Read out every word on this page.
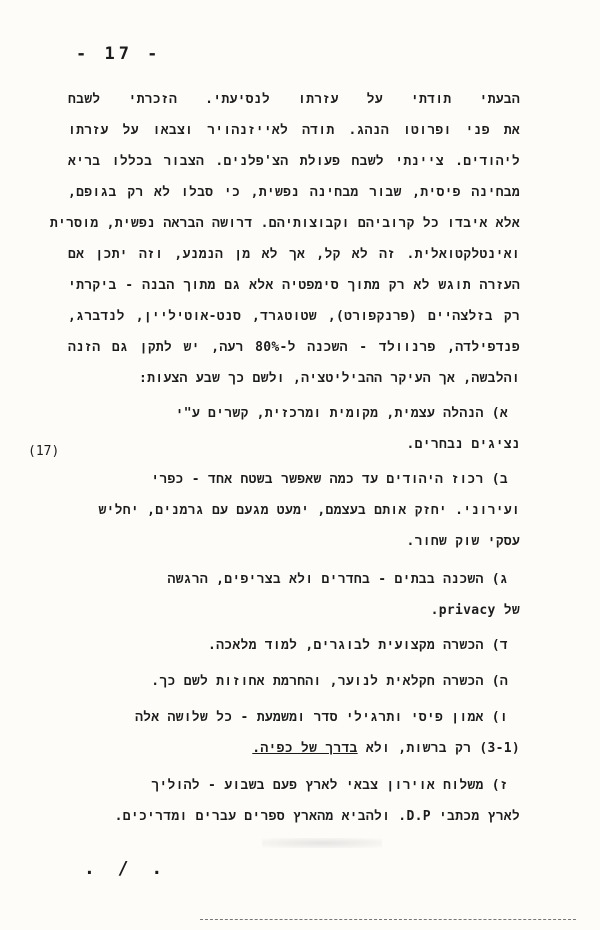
- 17 -
הבעתי תודתי על עזרתו לנסיעתי. הזכרתי לשבח
את פני ופרוטו הנהג. תודה לאייזנהויר וצבאו על עזרתו
ליהודים. ציינתי לשבח פעולת הצ'פלנים. הצבור בכללו בריא
מבחינה פיסית, שבור מבחינה נפשית, כי סבלו לא רק בגופם,
אלא איבדו כל קרוביהם וקבוצותיהם. דרושה הבראה נפשית, מוסרית
ואינטלקטואלית. זה לא קל, אך לא מן הנמנע, וזה יתכן אם
העזרה תוגש לא רק מתוך סימפטיה אלא גם מתוך הבנה - ביקרתי
רק בזלצהיים (פרנקפורט), שטוטגרד, סנט-אוטיליין, לנדברג,
פנדפילדה, פרנוולד - השכנה ל-80% רעה, יש לתקן גם הזנה
והלבשה, אך העיקר ההביליטציה, ולשם כך שבע הצעות:
א) הנהלה עצמית, מקומית ומרכזית, קשרים ע"י
נציגים נבחרים.
(17)
ב) רכוז היהודים עד כמה שאפשר בשטח אחד - כפרי
ועירוני. יחזק אותם בעצמם, ימעט מגעם עם גרמנים, יחליש
עסקי שוק שחור.
ג) השכנה בבתים - בחדרים ולא בצריפים, הרגשה
של privacy.
ד) הכשרה מקצועית לבוגרים, למוד מלאכה.
ה) הכשרה חקלאית לנוער, והחרמת אחוזות לשם כך.
ו) אמון פיסי ותרגילי סדר ומשמעת - כל שלושה אלה
(3-1) רק ברשות, ולא בדרך של כפיה.
ז) משלוח אוירון צבאי לארץ פעם בשבוע - להוליך
לארץ מכתבי D.P. ולהביא מהארץ ספרים עברים ומדריכים.
. / .
